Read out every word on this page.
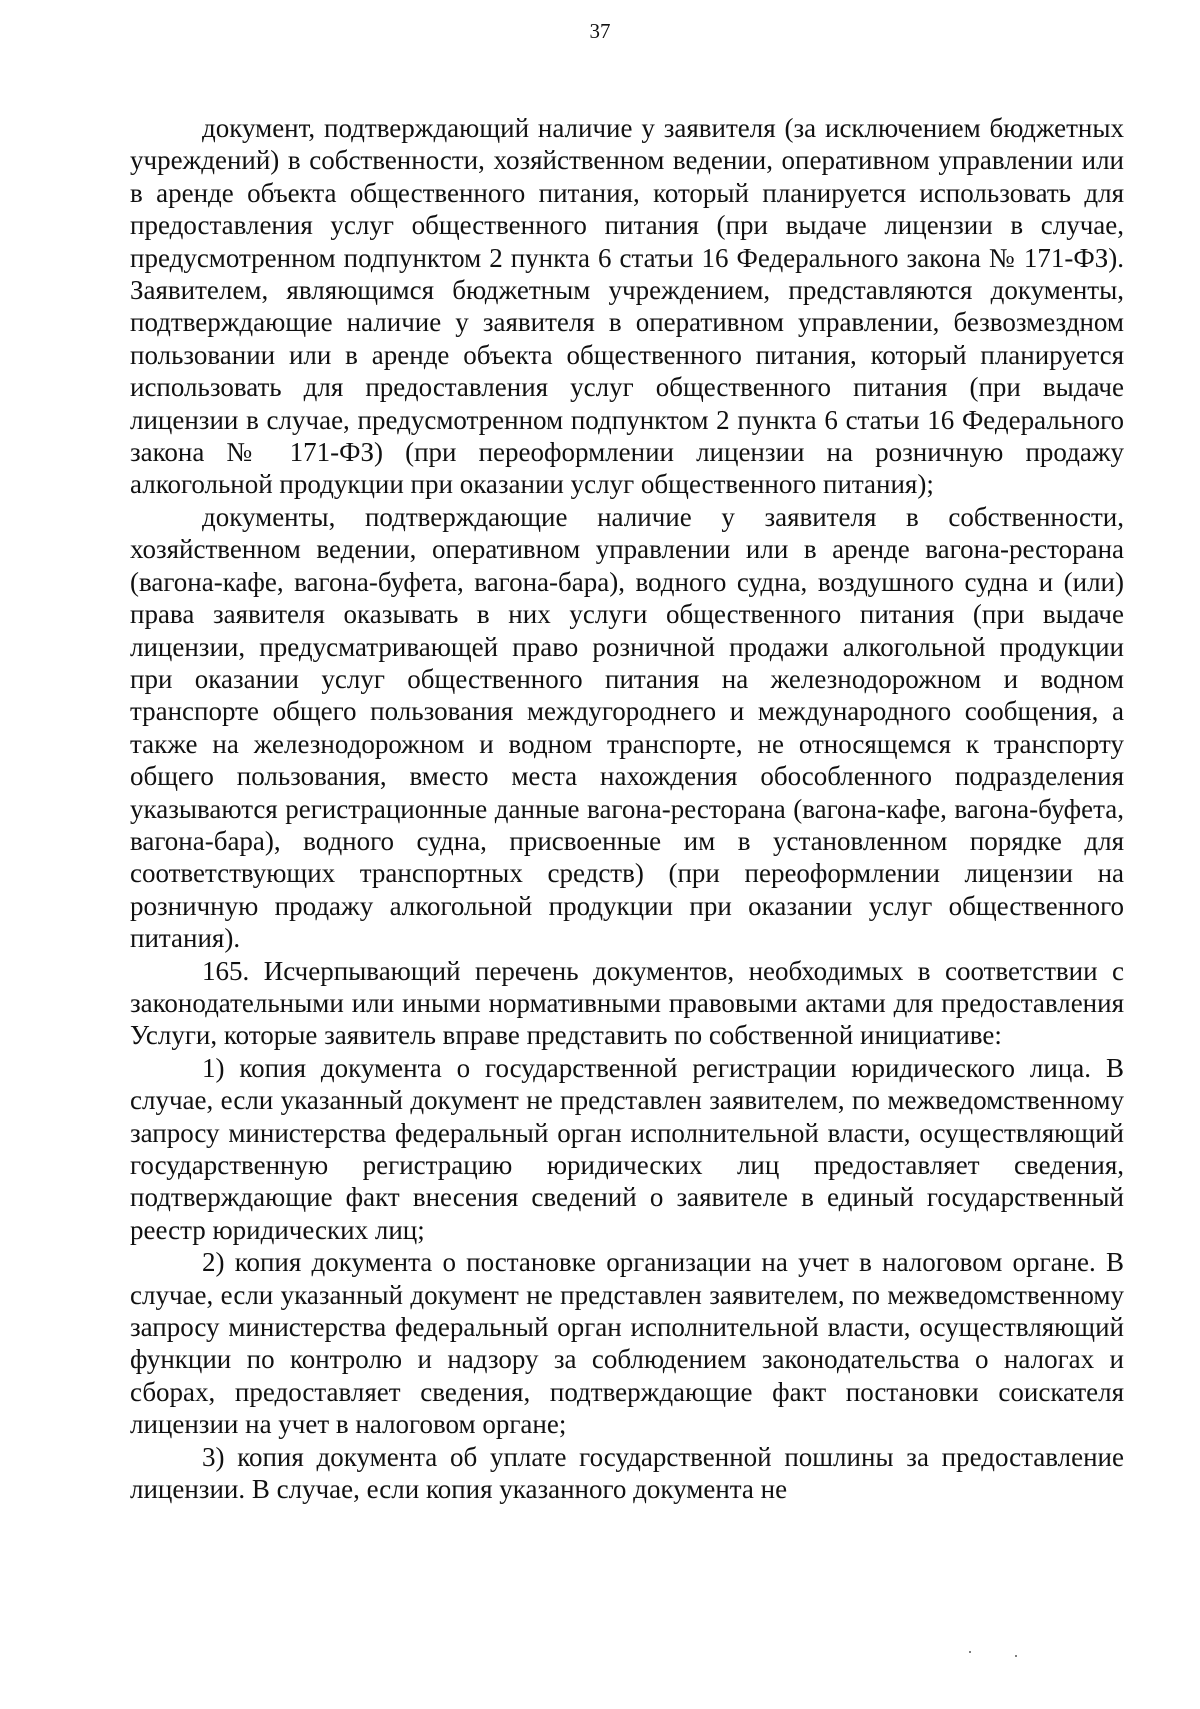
37

документ, подтверждающий наличие у заявителя (за исключением бюджетных учреждений) в собственности, хозяйственном ведении, оперативном управлении или в аренде объекта общественного питания, который планируется использовать для предоставления услуг общественного питания (при выдаче лицензии в случае, предусмотренном подпунктом 2 пункта 6 статьи 16 Федерального закона № 171-ФЗ). Заявителем, являющимся бюджетным учреждением, представляются документы, подтверждающие наличие у заявителя в оперативном управлении, безвозмездном пользовании или в аренде объекта общественного питания, который планируется использовать для предоставления услуг общественного питания (при выдаче лицензии в случае, предусмотренном подпунктом 2 пункта 6 статьи 16 Федерального закона № 171-ФЗ) (при переоформлении лицензии на розничную продажу алкогольной продукции при оказании услуг общественного питания);

документы, подтверждающие наличие у заявителя в собственности, хозяйственном ведении, оперативном управлении или в аренде вагона-ресторана (вагона-кафе, вагона-буфета, вагона-бара), водного судна, воздушного судна и (или) права заявителя оказывать в них услуги общественного питания (при выдаче лицензии, предусматривающей право розничной продажи алкогольной продукции при оказании услуг общественного питания на железнодорожном и водном транспорте общего пользования междугороднего и международного сообщения, а также на железнодорожном и водном транспорте, не относящемся к транспорту общего пользования, вместо места нахождения обособленного подразделения указываются регистрационные данные вагона-ресторана (вагона-кафе, вагона-буфета, вагона-бара), водного судна, присвоенные им в установленном порядке для соответствующих транспортных средств) (при переоформлении лицензии на розничную продажу алкогольной продукции при оказании услуг общественного питания).

165. Исчерпывающий перечень документов, необходимых в соответствии с законодательными или иными нормативными правовыми актами для предоставления Услуги, которые заявитель вправе представить по собственной инициативе:

1) копия документа о государственной регистрации юридического лица. В случае, если указанный документ не представлен заявителем, по межведомственному запросу министерства федеральный орган исполнительной власти, осуществляющий государственную регистрацию юридических лиц предоставляет сведения, подтверждающие факт внесения сведений о заявителе в единый государственный реестр юридических лиц;

2) копия документа о постановке организации на учет в налоговом органе. В случае, если указанный документ не представлен заявителем, по межведомственному запросу министерства федеральный орган исполнительной власти, осуществляющий функции по контролю и надзору за соблюдением законодательства о налогах и сборах, предоставляет сведения, подтверждающие факт постановки соискателя лицензии на учет в налоговом органе;

3) копия документа об уплате государственной пошлины за предоставление лицензии. В случае, если копия указанного документа не
